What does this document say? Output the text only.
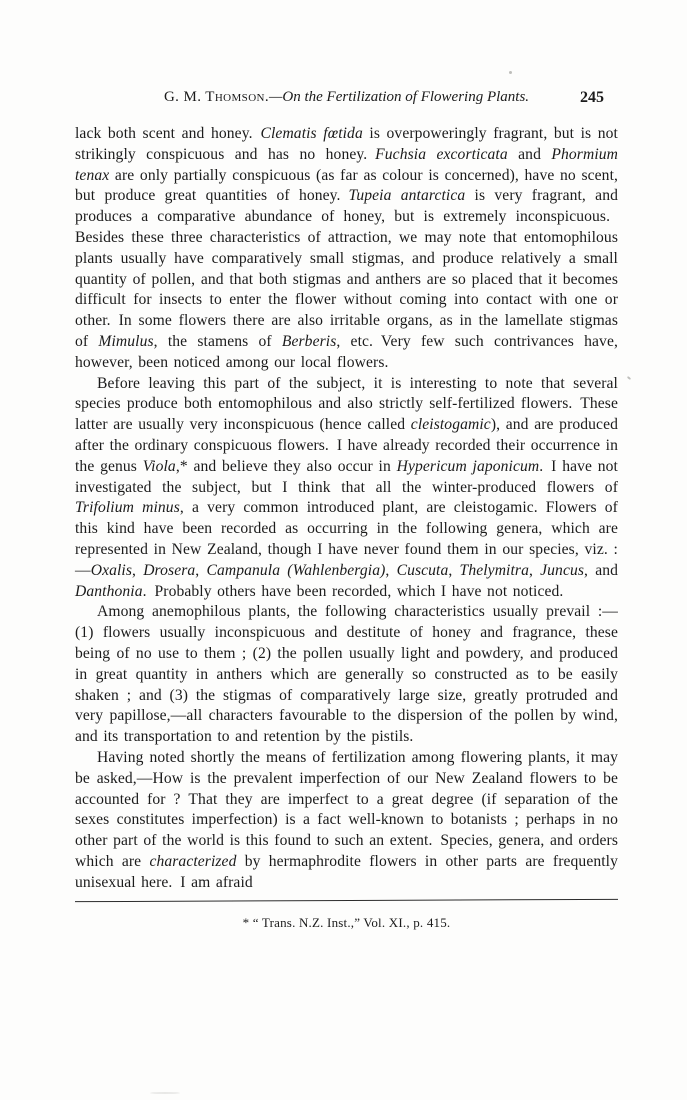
G. M. Thomson.—On the Fertilization of Flowering Plants.	245

lack both scent and honey. Clematis fœtida is overpoweringly fragrant, but is not strikingly conspicuous and has no honey. Fuchsia excorticata and Phormium tenax are only partially conspicuous (as far as colour is concerned), have no scent, but produce great quantities of honey. Tupeia antarctica is very fragrant, and produces a comparative abundance of honey, but is extremely inconspicuous. Besides these three characteristics of attraction, we may note that entomophilous plants usually have comparatively small stigmas, and produce relatively a small quantity of pollen, and that both stigmas and anthers are so placed that it becomes difficult for insects to enter the flower without coming into contact with one or other. In some flowers there are also irritable organs, as in the lamellate stigmas of Mimulus, the stamens of Berberis, etc. Very few such contrivances have, however, been noticed among our local flowers.

Before leaving this part of the subject, it is interesting to note that several species produce both entomophilous and also strictly self-fertilized flowers. These latter are usually very inconspicuous (hence called cleistogamic), and are produced after the ordinary conspicuous flowers. I have already recorded their occurrence in the genus Viola,* and believe they also occur in Hypericum japonicum. I have not investigated the subject, but I think that all the winter-produced flowers of Trifolium minus, a very common introduced plant, are cleistogamic. Flowers of this kind have been recorded as occurring in the following genera, which are represented in New Zealand, though I have never found them in our species, viz. :—Oxalis, Drosera, Campanula (Wahlenbergia), Cuscuta, Thelymitra, Juncus, and Danthonia. Probably others have been recorded, which I have not noticed.

Among anemophilous plants, the following characteristics usually prevail :—(1) flowers usually inconspicuous and destitute of honey and fragrance, these being of no use to them ; (2) the pollen usually light and powdery, and produced in great quantity in anthers which are generally so constructed as to be easily shaken ; and (3) the stigmas of comparatively large size, greatly protruded and very papillose,—all characters favourable to the dispersion of the pollen by wind, and its transportation to and retention by the pistils.

Having noted shortly the means of fertilization among flowering plants, it may be asked,—How is the prevalent imperfection of our New Zealand flowers to be accounted for ? That they are imperfect to a great degree (if separation of the sexes constitutes imperfection) is a fact well-known to botanists ; perhaps in no other part of the world is this found to such an extent. Species, genera, and orders which are characterized by hermaphrodite flowers in other parts are frequently unisexual here. I am afraid

* “ Trans. N.Z. Inst.,” Vol. XI., p. 415.
